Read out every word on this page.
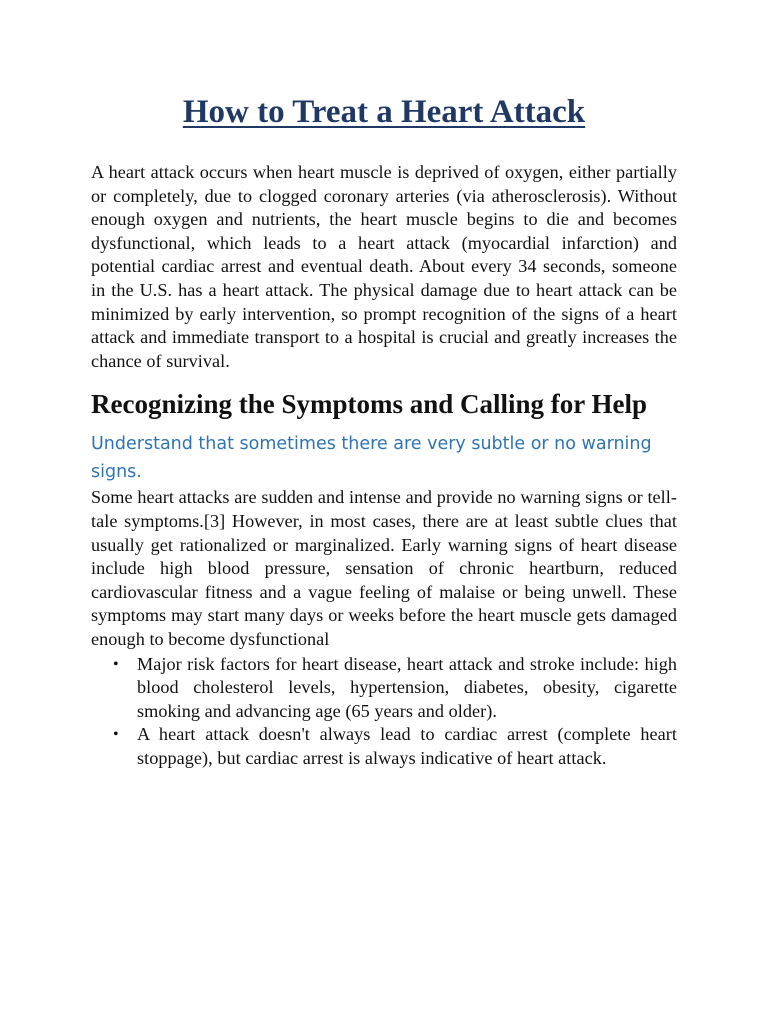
How to Treat a Heart Attack

A heart attack occurs when heart muscle is deprived of oxygen, either partially or completely, due to clogged coronary arteries (via atherosclerosis). Without enough oxygen and nutrients, the heart muscle begins to die and becomes dysfunctional, which leads to a heart attack (myocardial infarction) and potential cardiac arrest and eventual death. About every 34 seconds, someone in the U.S. has a heart attack. The physical damage due to heart attack can be minimized by early intervention, so prompt recognition of the signs of a heart attack and immediate transport to a hospital is crucial and greatly increases the chance of survival.

Recognizing the Symptoms and Calling for Help
Understand that sometimes there are very subtle or no warning signs.

Some heart attacks are sudden and intense and provide no warning signs or tell-tale symptoms.[3] However, in most cases, there are at least subtle clues that usually get rationalized or marginalized. Early warning signs of heart disease include high blood pressure, sensation of chronic heartburn, reduced cardiovascular fitness and a vague feeling of malaise or being unwell. These symptoms may start many days or weeks before the heart muscle gets damaged enough to become dysfunctional

• Major risk factors for heart disease, heart attack and stroke include: high blood cholesterol levels, hypertension, diabetes, obesity, cigarette smoking and advancing age (65 years and older).
• A heart attack doesn't always lead to cardiac arrest (complete heart stoppage), but cardiac arrest is always indicative of heart attack.
